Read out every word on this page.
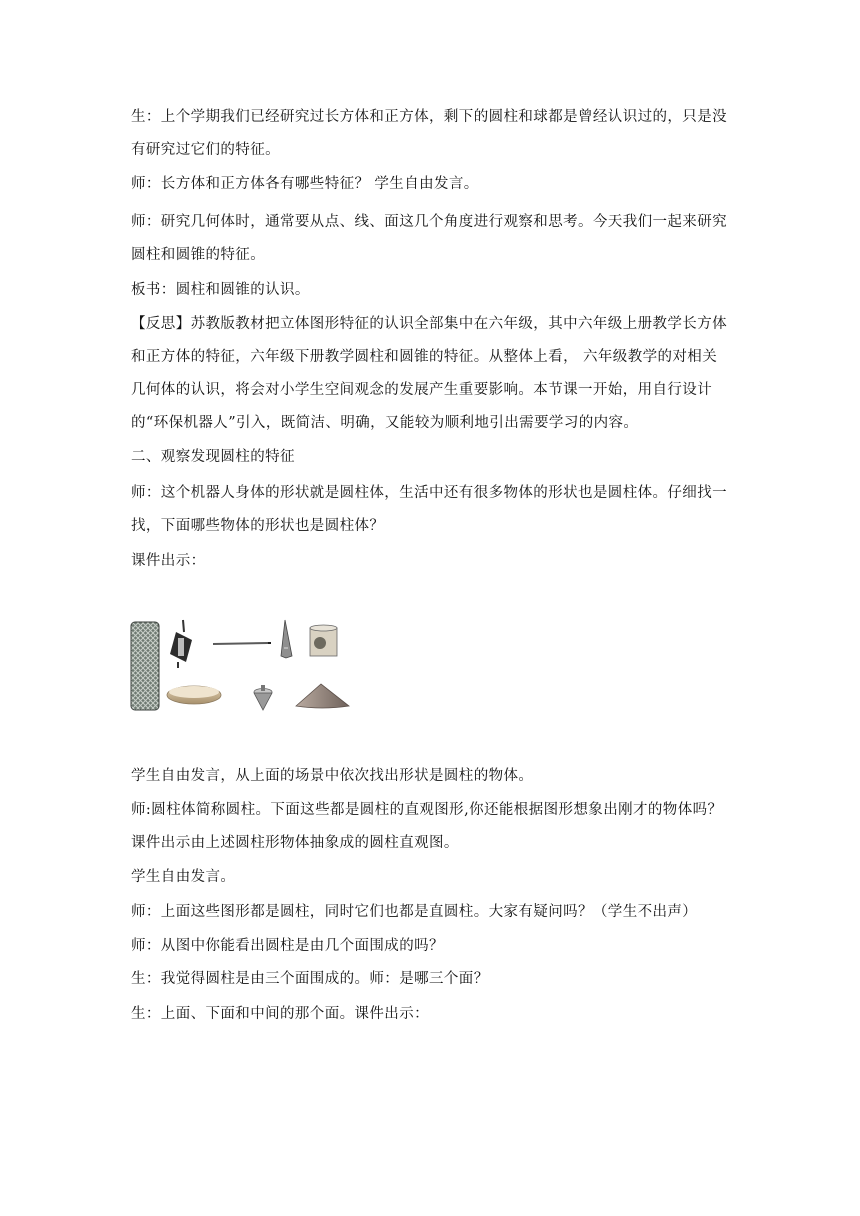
生：上个学期我们已经研究过长方体和正方体，剩下的圆柱和球都是曾经认识过的，只是没有研究过它们的特征。
师：长方体和正方体各有哪些特征？ 学生自由发言。
师：研究几何体时，通常要从点、线、面这几个角度进行观察和思考。今天我们一起来研究圆柱和圆锥的特征。
板书：圆柱和圆锥的认识。
【反思】苏教版教材把立体图形特征的认识全部集中在六年级，其中六年级上册教学长方体和正方体的特征，六年级下册教学圆柱和圆锥的特征。从整体上看， 六年级教学的对相关几何体的认识，将会对小学生空间观念的发展产生重要影响。本节课一开始，用自行设计的“环保机器人”引入，既简洁、明确，又能较为顺利地引出需要学习的内容。
二、观察发现圆柱的特征
师：这个机器人身体的形状就是圆柱体，生活中还有很多物体的形状也是圆柱体。仔细找一找，下面哪些物体的形状也是圆柱体？
课件出示：
学生自由发言，从上面的场景中依次找出形状是圆柱的物体。
师:圆柱体简称圆柱。下面这些都是圆柱的直观图形,你还能根据图形想象出刚才的物体吗？
课件出示由上述圆柱形物体抽象成的圆柱直观图。
学生自由发言。
师：上面这些图形都是圆柱，同时它们也都是直圆柱。大家有疑问吗？（学生不出声）
师：从图中你能看出圆柱是由几个面围成的吗？
生：我觉得圆柱是由三个面围成的。师：是哪三个面？
生：上面、下面和中间的那个面。课件出示：
